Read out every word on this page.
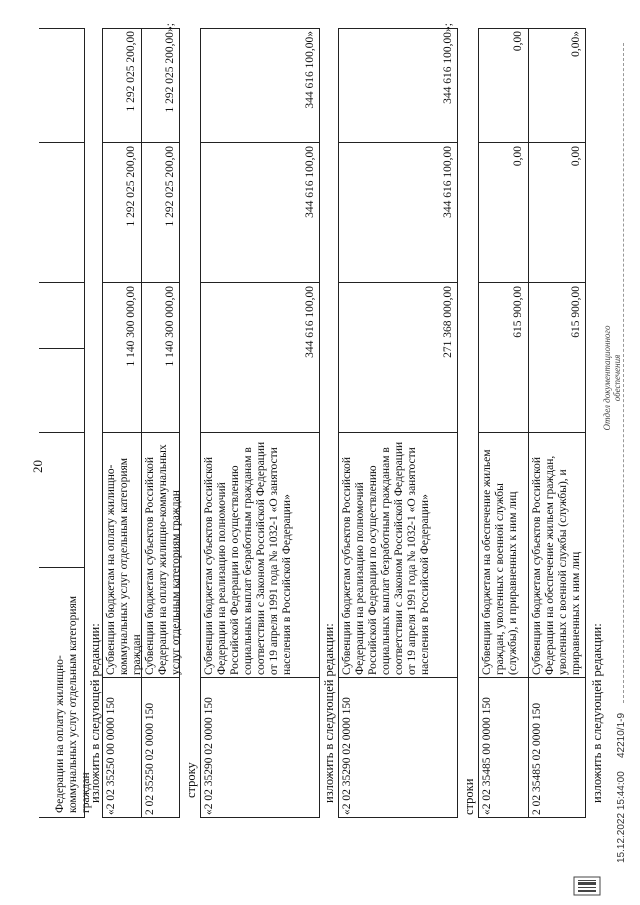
20
Федерации на оплату жилищно-коммунальных услуг отдельным категориям граждан
изложить в следующей редакции: «2 02 35250 00 0000 150
Субвенции бюджетам на оплату жилищно-коммунальных услуг отдельным категориям граждан
1 140 300 000,00
1 292 025 200,00
1 292 025 200,00
2 02 35250 02 0000 150
Субвенции бюджетам субъектов Российской Федерации на оплату жилищно-коммунальных услуг отдельным категориям граждан
1 140 300 000,00
1 292 025 200,00
1 292 025 200,00»;
строку «2 02 35290 02 0000 150
Субвенции бюджетам субъектов Российской Федерации на реализацию полномочий Российской Федерации по осуществлению социальных выплат безработным гражданам в соответствии с Законом Российской Федерации от 19 апреля 1991 года № 1032-1 «О занятости населения в Российской Федерации»
344 616 100,00
344 616 100,00
344 616 100,00»
изложить в следующей редакции: «2 02 35290 02 0000 150
Субвенции бюджетам субъектов Российской Федерации на реализацию полномочий Российской Федерации по осуществлению социальных выплат безработным гражданам в соответствии с Законом Российской Федерации от 19 апреля 1991 года № 1032-1 «О занятости населения в Российской Федерации»
271 368 000,00
344 616 100,00
344 616 100,00»;
строки «2 02 35485 00 0000 150
Субвенции бюджетам на обеспечение жильем граждан, уволенных с военной службы (службы), и приравненных к ним лиц
615 900,00
0,00
0,00
2 02 35485 02 0000 150
Субвенции бюджетам субъектов Российской Федерации на обеспечение жильем граждан, уволенных с военной службы (службы), и приравненных к ним лиц
615 900,00
0,00
0,00»
изложить в следующей редакции:
15.12.2022 15:44:00
42210/1-9
Отдел документационного обеспечения
